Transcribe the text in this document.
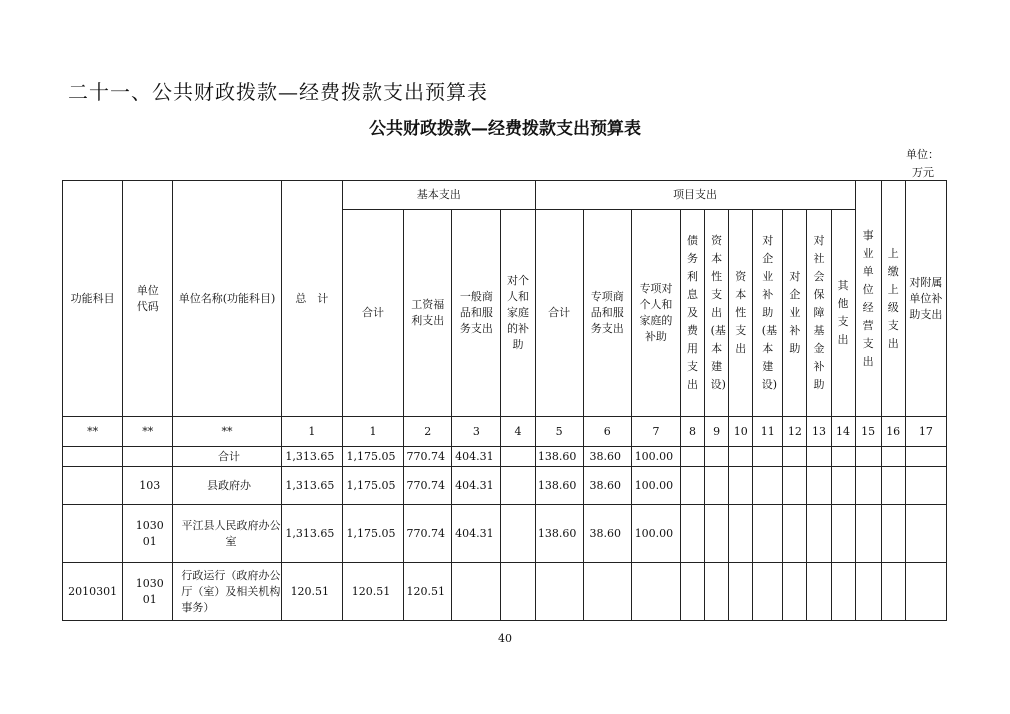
二十一、公共财政拨款—经费拨款支出预算表
公共财政拨款—经费拨款支出预算表
单位：
万元
功能科目	单位代码	单位名称(功能科目)	总　计	基本支出				项目支出										事业单位经营支出	上缴上级支出	对附属单位补助支出
				合计	工资福利支出	一般商品和服务支出	对个人和家庭的补助	合计	专项商品和服务支出	专项对个人和家庭的补助	债务利息及费用支出	资本性支出(基本建设)	资本性支出	对企业补助(基本建设)	对企业补助	对社会保障基金补助	其他支出			
**	**	**	1	1	2	3	4	5	6	7	8	9	10	11	12	13	14	15	16	17
		合计	1,313.65	1,175.05	770.74	404.31		138.60	38.60	100.00										
	103	县政府办	1,313.65	1,175.05	770.74	404.31		138.60	38.60	100.00										
	103001	平江县人民政府办公室	1,313.65	1,175.05	770.74	404.31		138.60	38.60	100.00										
2010301	103001	行政运行（政府办公厅（室）及相关机构事务）	120.51	120.51	120.51															
40
